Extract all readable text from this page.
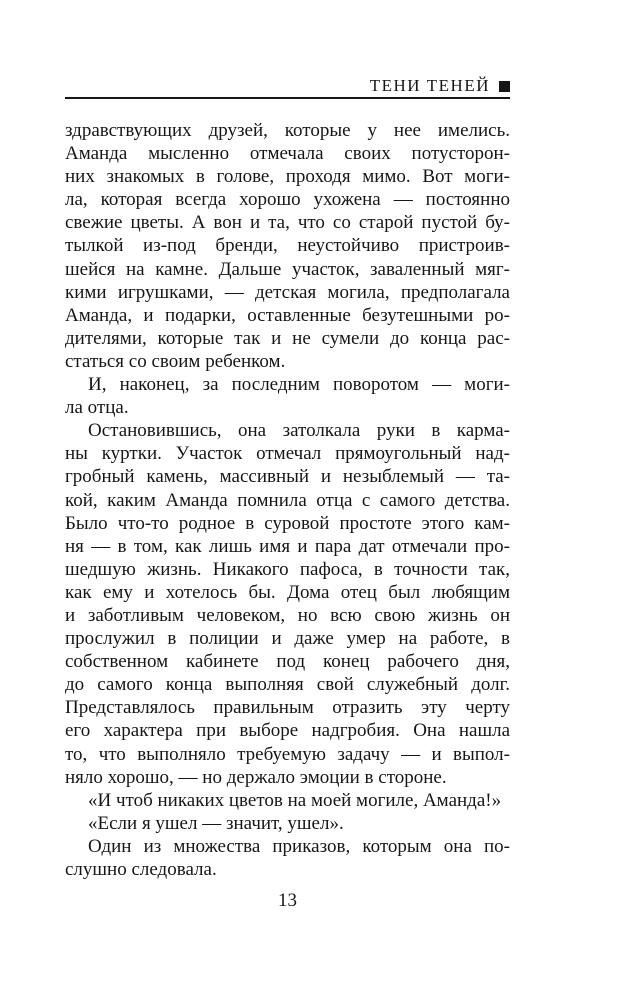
ТЕНИ ТЕНЕЙ
здравствующих друзей, которые у нее имелись.
Аманда мысленно отмечала своих потусторон-
них знакомых в голове, проходя мимо. Вот моги-
ла, которая всегда хорошо ухожена — постоянно
свежие цветы. А вон и та, что со старой пустой бу-
тылкой из-под бренди, неустойчиво пристроив-
шейся на камне. Дальше участок, заваленный мяг-
кими игрушками, — детская могила, предполагала
Аманда, и подарки, оставленные безутешными ро-
дителями, которые так и не сумели до конца рас-
статься со своим ребенком.
И, наконец, за последним поворотом — моги-
ла отца.
Остановившись, она затолкала руки в карма-
ны куртки. Участок отмечал прямоугольный над-
гробный камень, массивный и незыблемый — та-
кой, каким Аманда помнила отца с самого детства.
Было что-то родное в суровой простоте этого кам-
ня — в том, как лишь имя и пара дат отмечали про-
шедшую жизнь. Никакого пафоса, в точности так,
как ему и хотелось бы. Дома отец был любящим
и заботливым человеком, но всю свою жизнь он
прослужил в полиции и даже умер на работе, в
собственном кабинете под конец рабочего дня,
до самого конца выполняя свой служебный долг.
Представлялось правильным отразить эту черту
его характера при выборе надгробия. Она нашла
то, что выполняло требуемую задачу — и выпол-
няло хорошо, — но держало эмоции в стороне.
«И чтоб никаких цветов на моей могиле, Аманда!»
«Если я ушел — значит, ушел».
Один из множества приказов, которым она по-
слушно следовала.
13
